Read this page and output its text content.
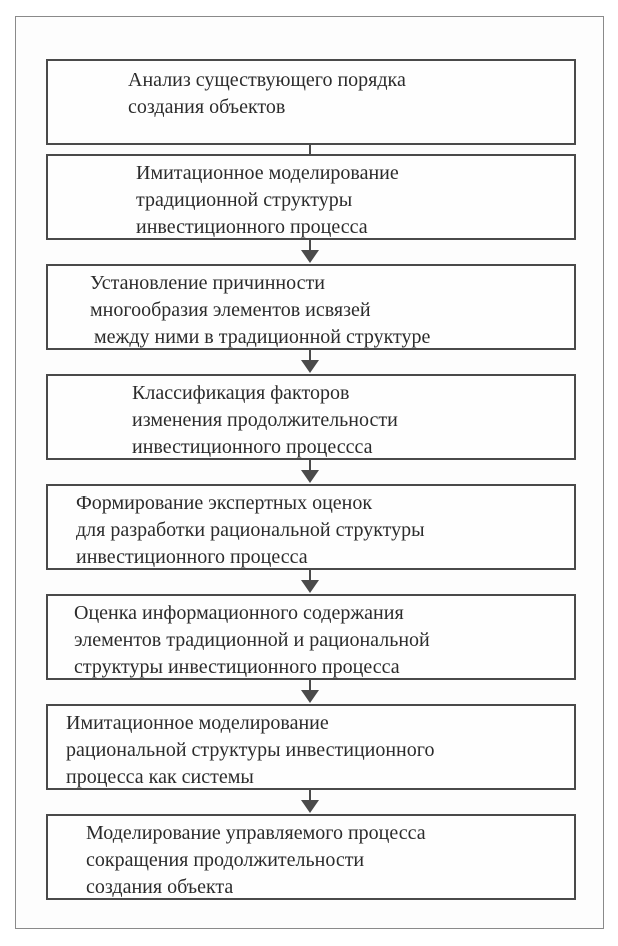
Анализ существующего порядка
создания объектов
Имитационное моделирование
традиционной структуры
инвестиционного процесса
Установление причинности
многообразия элементов исвязей
между ними в традиционной структуре
Классификация факторов
изменения продолжительности
инвестиционного процессса
Формирование экспертных оценок
для разработки рациональной структуры
инвестиционного процесса
Оценка информационного содержания
элементов традиционной и рациональной
структуры инвестиционного процесса
Имитационное моделирование
рациональной структуры инвестиционного
процесса как системы
Моделирование управляемого процесса
сокращения продолжительности
создания объекта
